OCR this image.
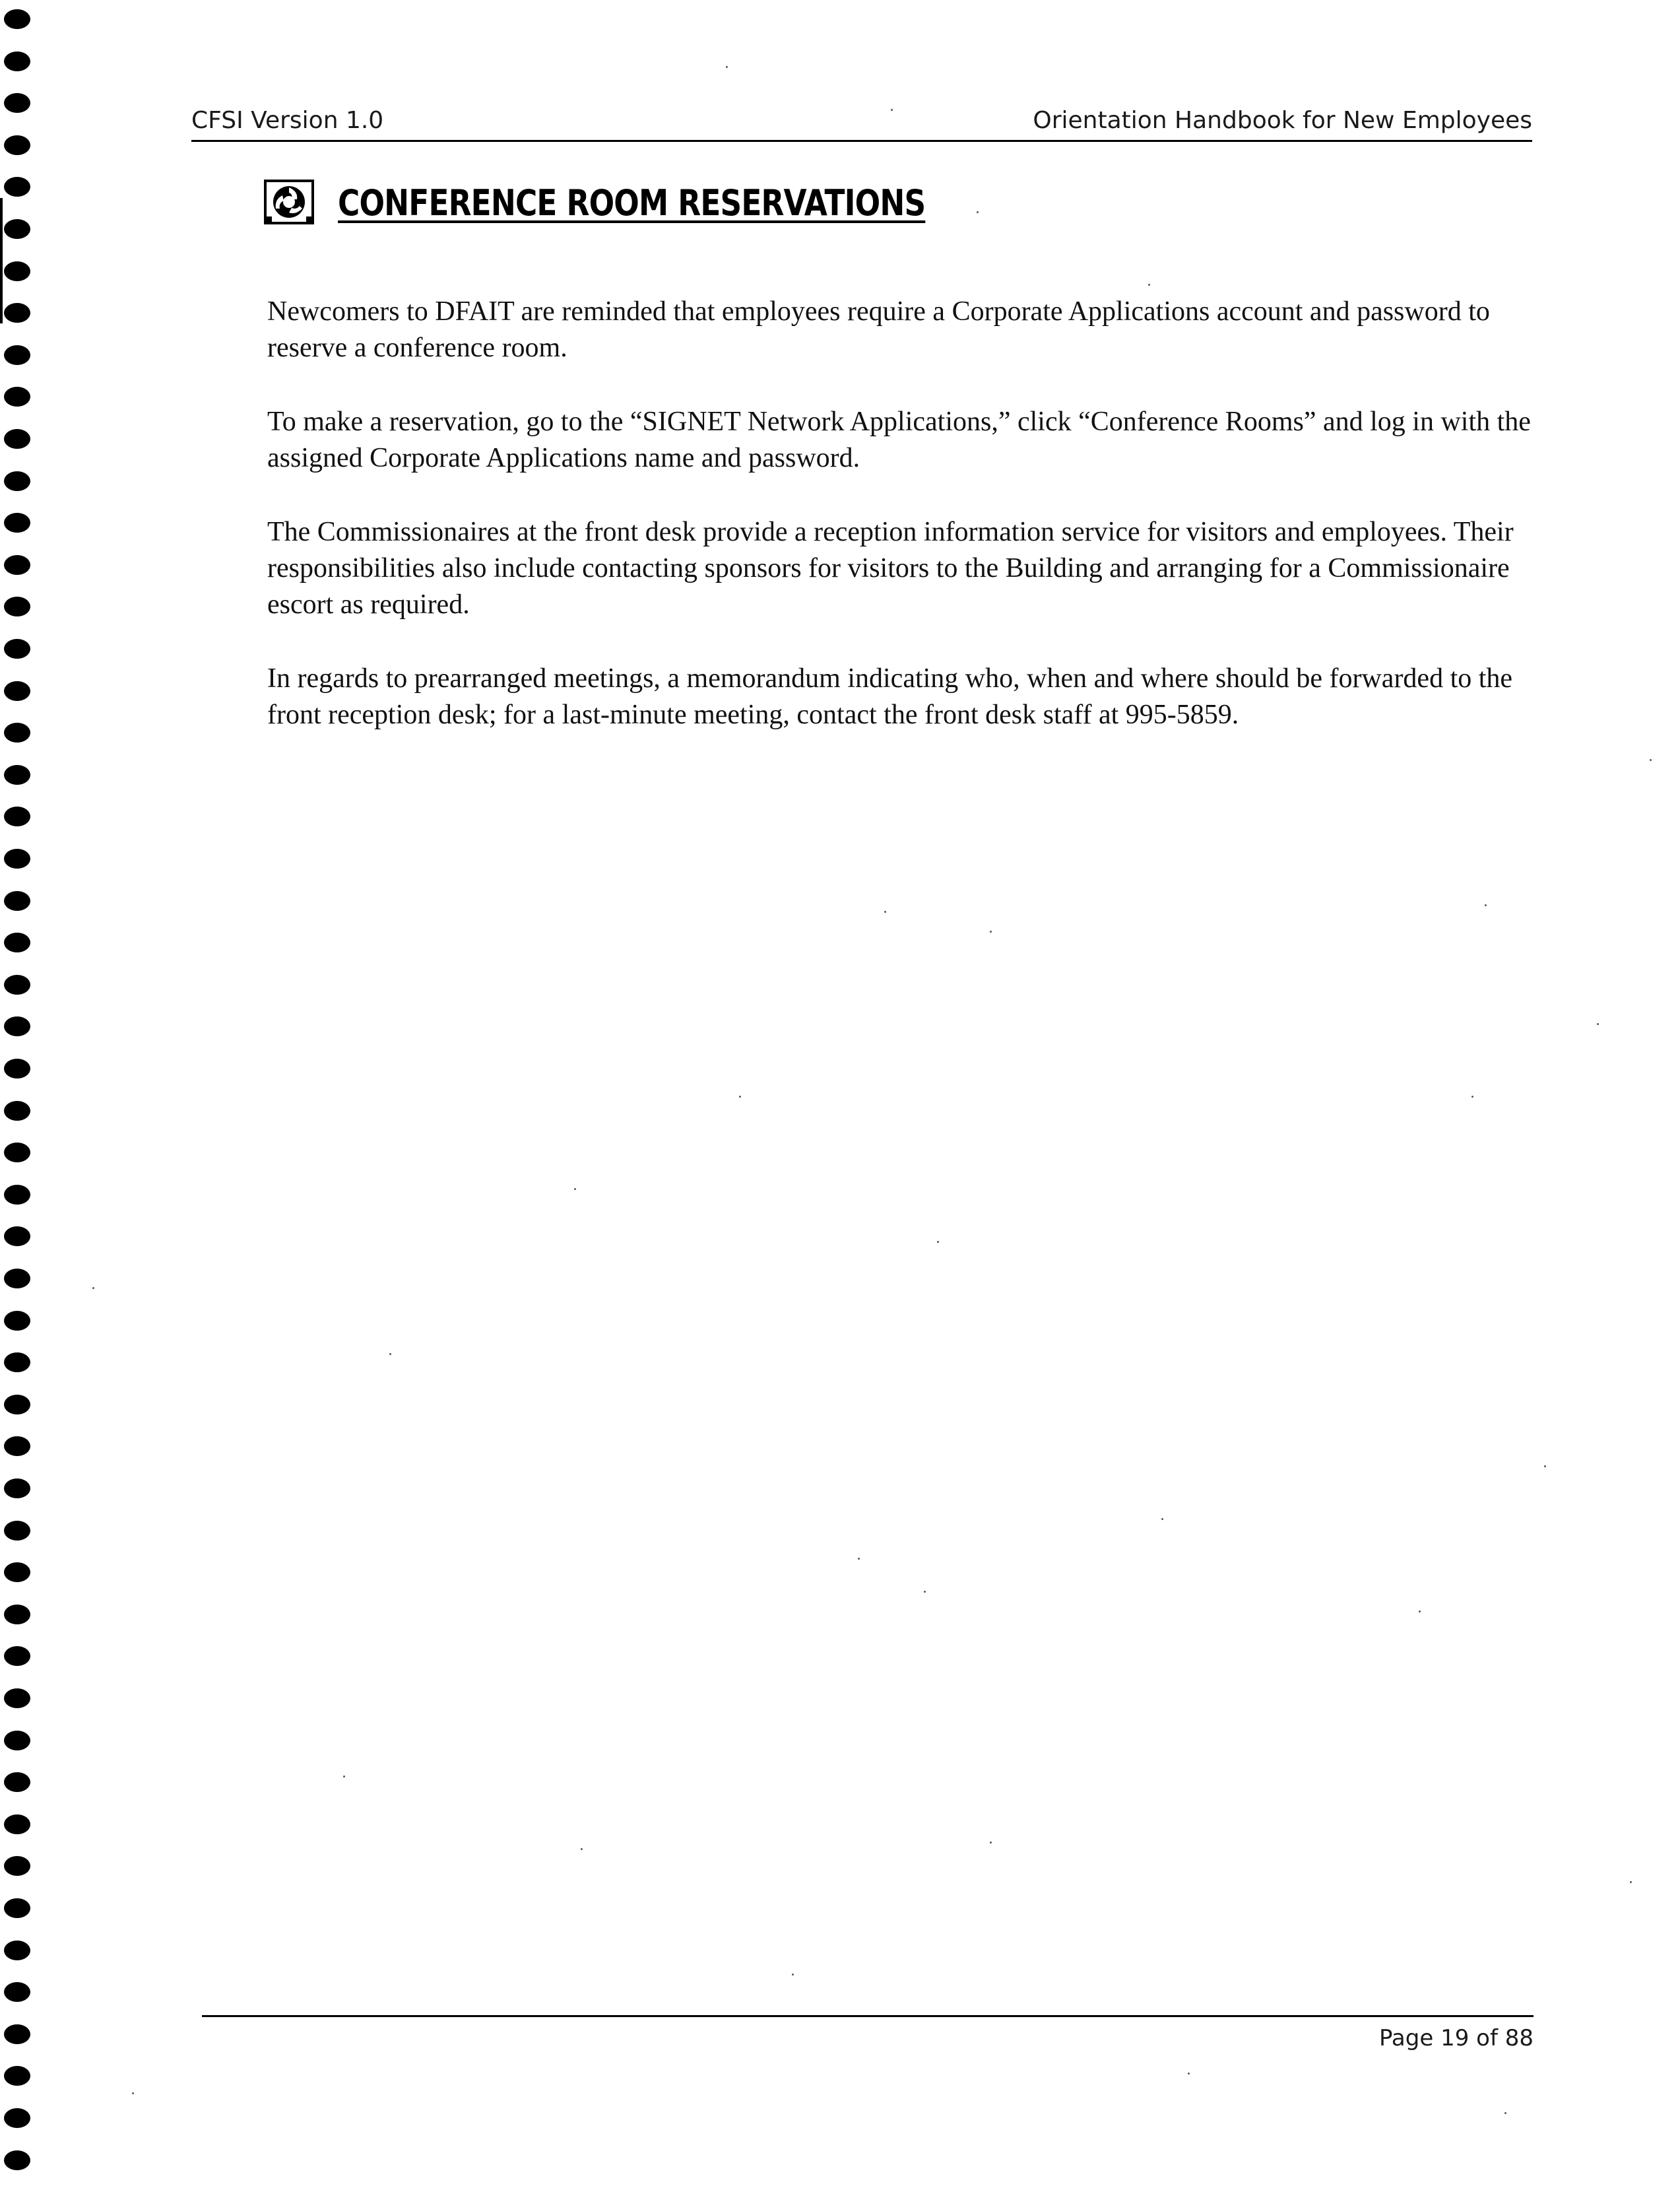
CFSI Version 1.0	Orientation Handbook for New Employees
CONFERENCE ROOM RESERVATIONS

Newcomers to DFAIT are reminded that employees require a Corporate Applications account and password to reserve a conference room.

To make a reservation, go to the “SIGNET Network Applications,” click “Conference Rooms” and log in with the assigned Corporate Applications name and password.

The Commissionaires at the front desk provide a reception information service for visitors and employees. Their responsibilities also include contacting sponsors for visitors to the Building and arranging for a Commissionaire escort as required.

In regards to prearranged meetings, a memorandum indicating who, when and where should be forwarded to the front reception desk; for a last-minute meeting, contact the front desk staff at 995-5859.

Page 19 of 88
